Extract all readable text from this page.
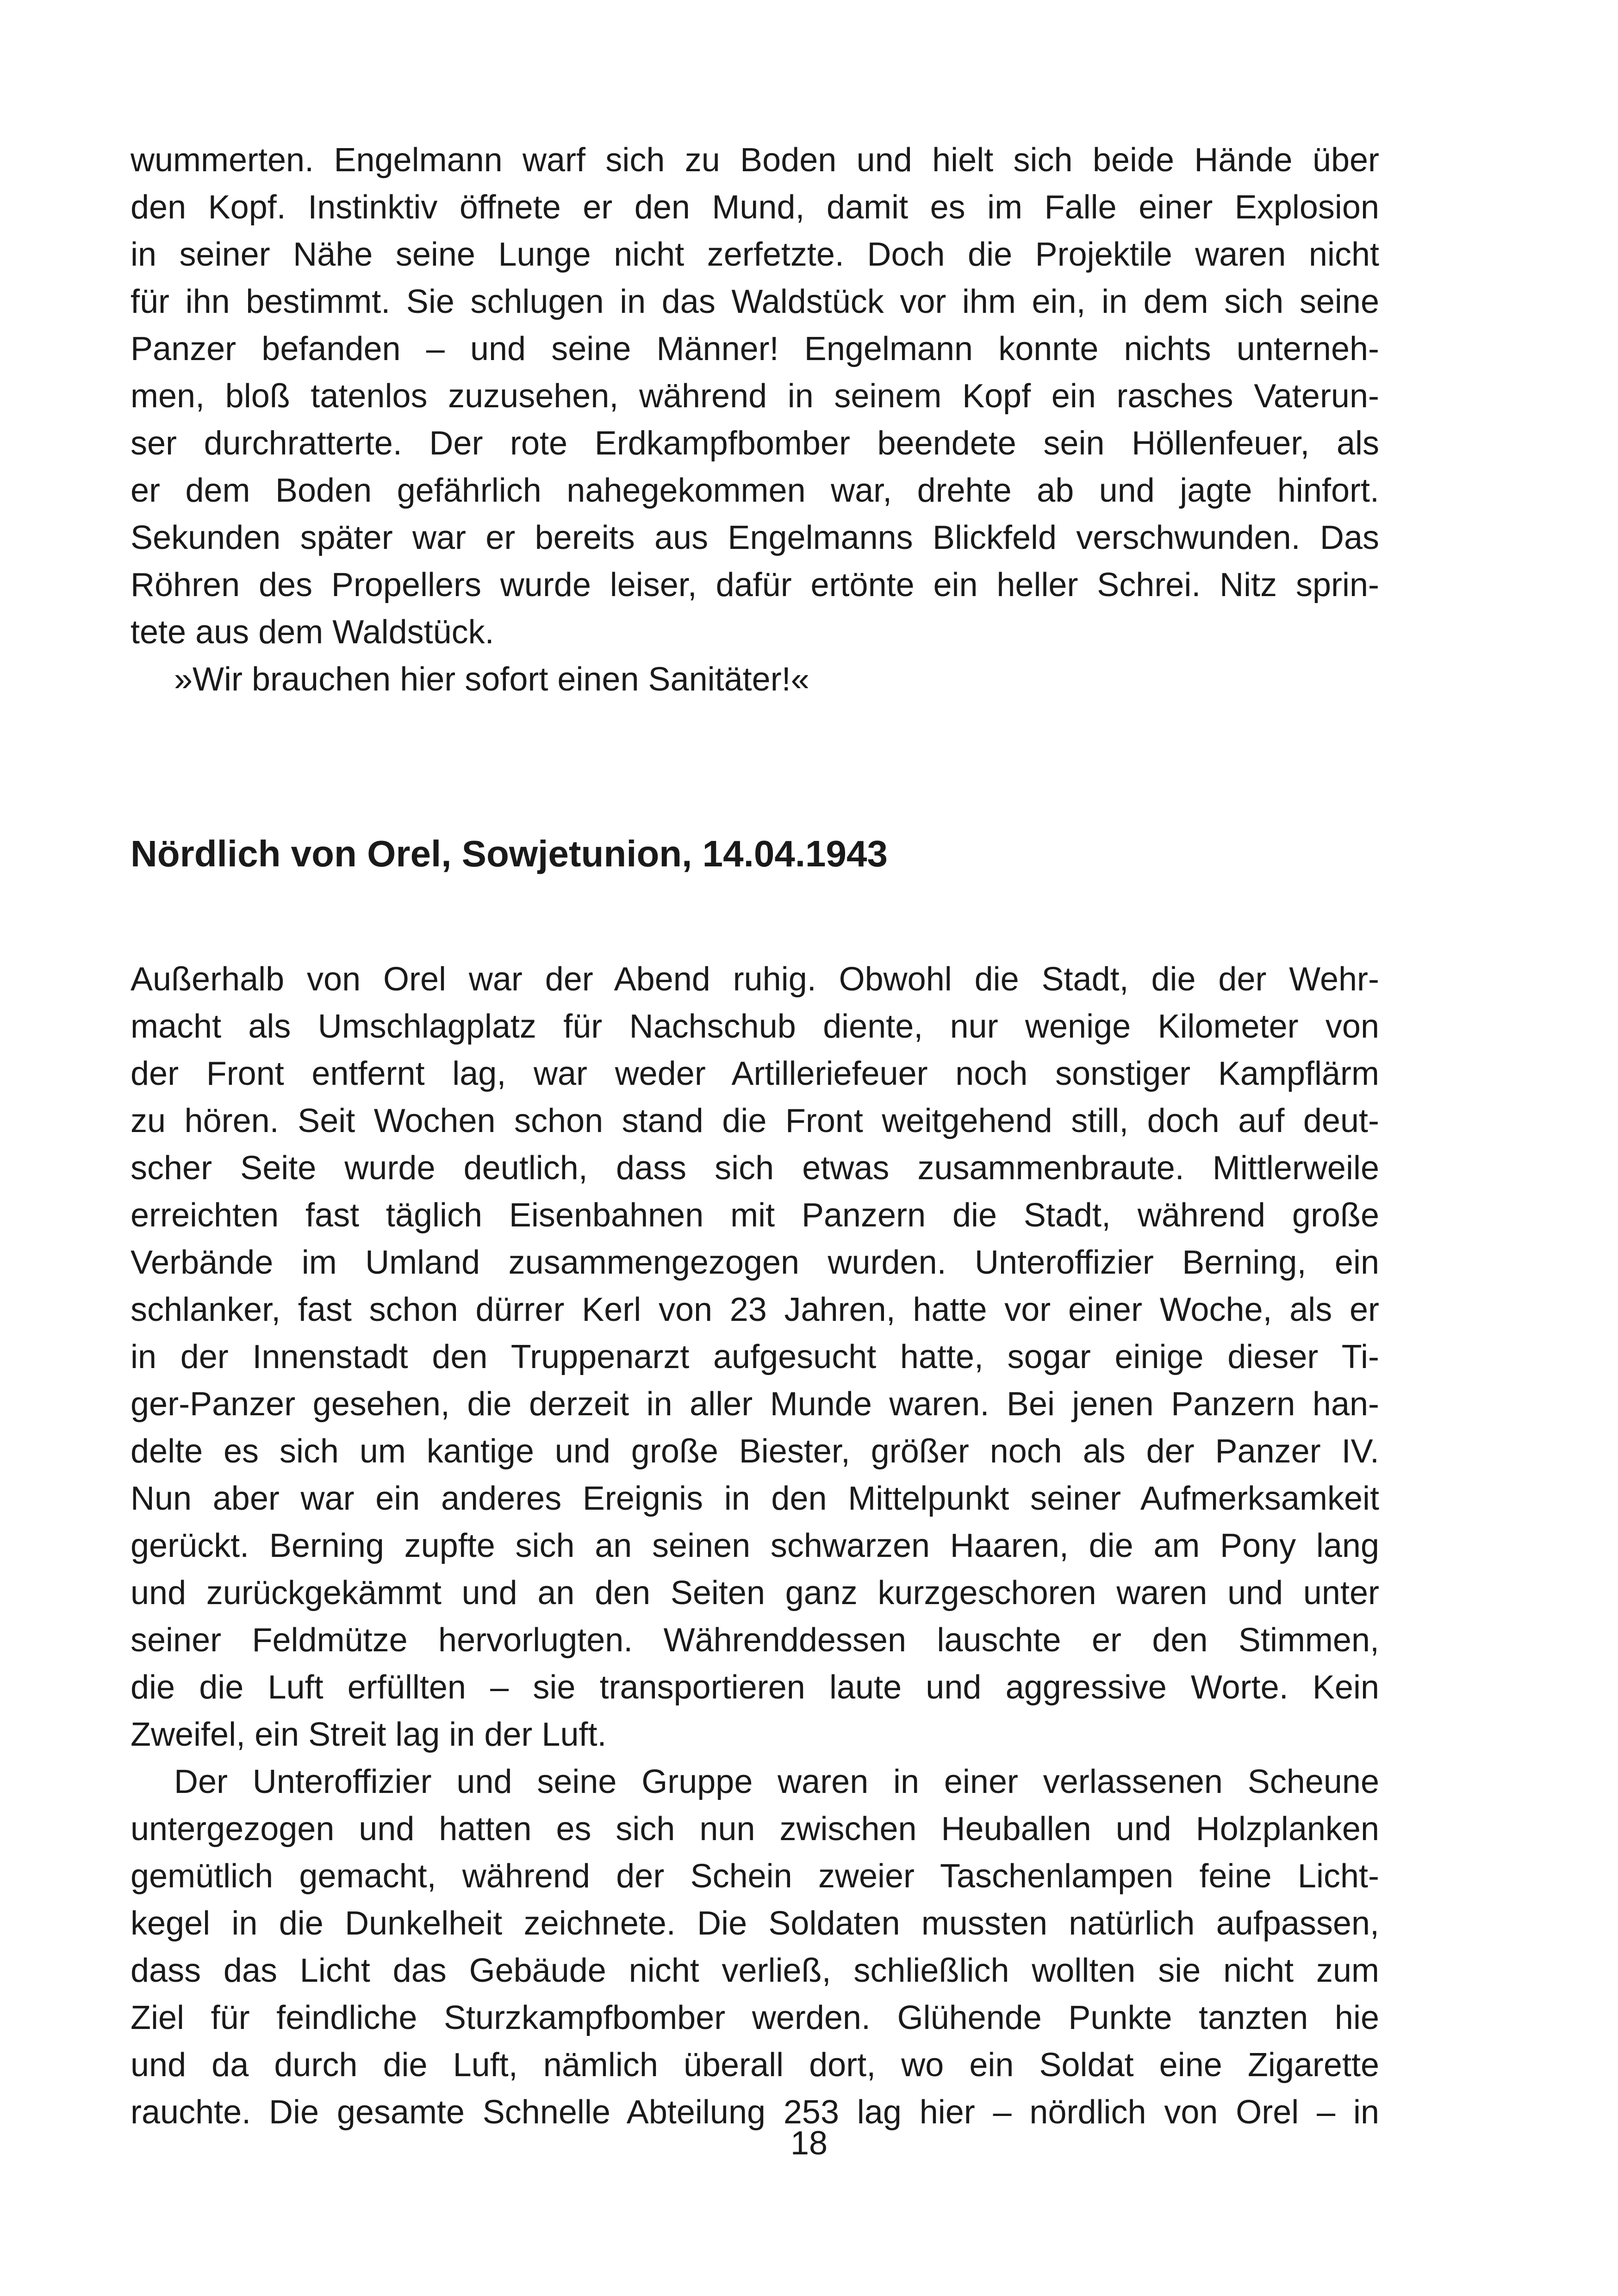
wummerten. Engelmann warf sich zu Boden und hielt sich beide Hände über
den Kopf. Instinktiv öffnete er den Mund, damit es im Falle einer Explosion
in seiner Nähe seine Lunge nicht zerfetzte. Doch die Projektile waren nicht
für ihn bestimmt. Sie schlugen in das Waldstück vor ihm ein, in dem sich seine
Panzer befanden – und seine Männer! Engelmann konnte nichts unterneh-
men, bloß tatenlos zuzusehen, während in seinem Kopf ein rasches Vaterun-
ser durchratterte. Der rote Erdkampfbomber beendete sein Höllenfeuer, als
er dem Boden gefährlich nahegekommen war, drehte ab und jagte hinfort.
Sekunden später war er bereits aus Engelmanns Blickfeld verschwunden. Das
Röhren des Propellers wurde leiser, dafür ertönte ein heller Schrei. Nitz sprin-
tete aus dem Waldstück.
»Wir brauchen hier sofort einen Sanitäter!«
Nördlich von Orel, Sowjetunion, 14.04.1943
Außerhalb von Orel war der Abend ruhig. Obwohl die Stadt, die der Wehr-
macht als Umschlagplatz für Nachschub diente, nur wenige Kilometer von
der Front entfernt lag, war weder Artilleriefeuer noch sonstiger Kampflärm
zu hören. Seit Wochen schon stand die Front weitgehend still, doch auf deut-
scher Seite wurde deutlich, dass sich etwas zusammenbraute. Mittlerweile
erreichten fast täglich Eisenbahnen mit Panzern die Stadt, während große
Verbände im Umland zusammengezogen wurden. Unteroffizier Berning, ein
schlanker, fast schon dürrer Kerl von 23 Jahren, hatte vor einer Woche, als er
in der Innenstadt den Truppenarzt aufgesucht hatte, sogar einige dieser Ti-
ger-Panzer gesehen, die derzeit in aller Munde waren. Bei jenen Panzern han-
delte es sich um kantige und große Biester, größer noch als der Panzer IV.
Nun aber war ein anderes Ereignis in den Mittelpunkt seiner Aufmerksamkeit
gerückt. Berning zupfte sich an seinen schwarzen Haaren, die am Pony lang
und zurückgekämmt und an den Seiten ganz kurzgeschoren waren und unter
seiner Feldmütze hervorlugten. Währenddessen lauschte er den Stimmen,
die die Luft erfüllten – sie transportieren laute und aggressive Worte. Kein
Zweifel, ein Streit lag in der Luft.
Der Unteroffizier und seine Gruppe waren in einer verlassenen Scheune
untergezogen und hatten es sich nun zwischen Heuballen und Holzplanken
gemütlich gemacht, während der Schein zweier Taschenlampen feine Licht-
kegel in die Dunkelheit zeichnete. Die Soldaten mussten natürlich aufpassen,
dass das Licht das Gebäude nicht verließ, schließlich wollten sie nicht zum
Ziel für feindliche Sturzkampfbomber werden. Glühende Punkte tanzten hie
und da durch die Luft, nämlich überall dort, wo ein Soldat eine Zigarette
rauchte. Die gesamte Schnelle Abteilung 253 lag hier – nördlich von Orel – in
18
